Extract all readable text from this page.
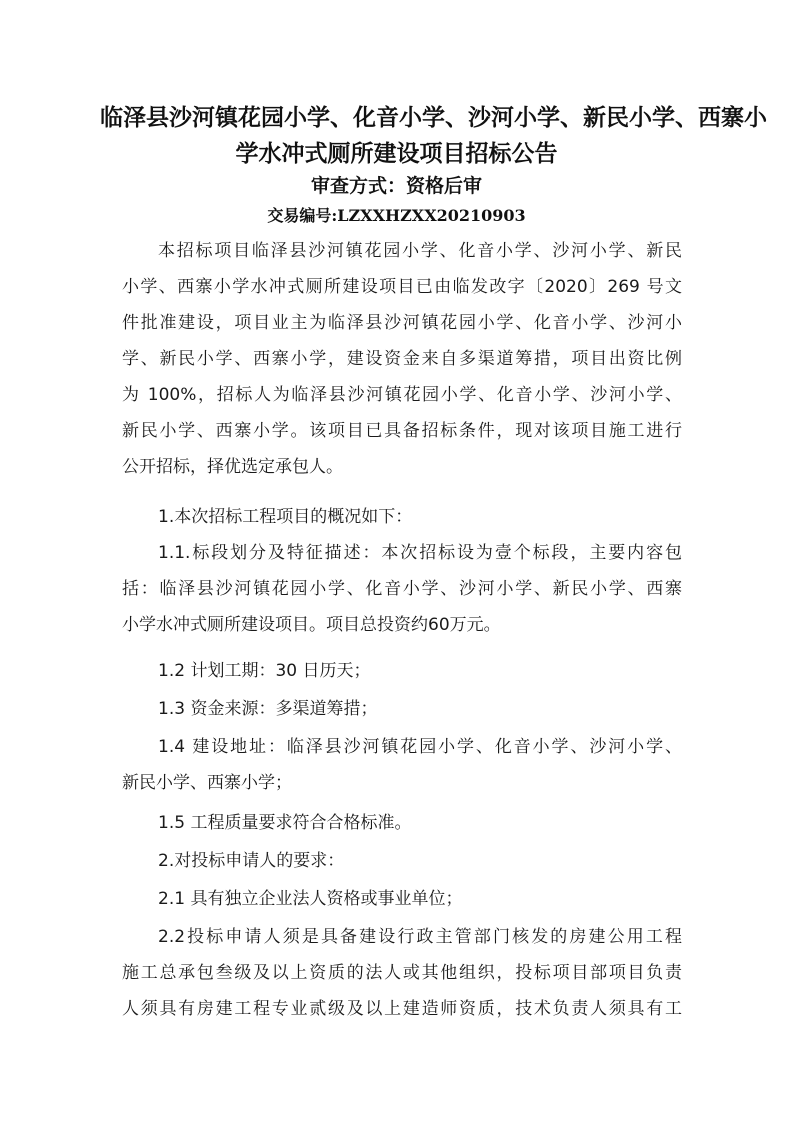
临泽县沙河镇花园小学、化音小学、沙河小学、新民小学、西寨小
学水冲式厕所建设项目招标公告
审查方式：资格后审
交易编号:LZXXHZXX20210903
本招标项目临泽县沙河镇花园小学、化音小学、沙河小学、新民
小学、西寨小学水冲式厕所建设项目已由临发改字〔2020〕269 号文
件批准建设，项目业主为临泽县沙河镇花园小学、化音小学、沙河小
学、新民小学、西寨小学，建设资金来自多渠道筹措，项目出资比例
为 100%，招标人为临泽县沙河镇花园小学、化音小学、沙河小学、
新民小学、西寨小学。该项目已具备招标条件，现对该项目施工进行
公开招标，择优选定承包人。
1.本次招标工程项目的概况如下：
1.1.标段划分及特征描述：本次招标设为壹个标段，主要内容包
括：临泽县沙河镇花园小学、化音小学、沙河小学、新民小学、西寨
小学水冲式厕所建设项目。项目总投资约60万元。
1.2 计划工期：30 日历天；
1.3 资金来源：多渠道筹措；
1.4 建设地址：临泽县沙河镇花园小学、化音小学、沙河小学、
新民小学、西寨小学；
1.5 工程质量要求符合合格标准。
2.对投标申请人的要求：
2.1 具有独立企业法人资格或事业单位；
2.2投标申请人须是具备建设行政主管部门核发的房建公用工程
施工总承包叁级及以上资质的法人或其他组织，投标项目部项目负责
人须具有房建工程专业贰级及以上建造师资质，技术负责人须具有工
